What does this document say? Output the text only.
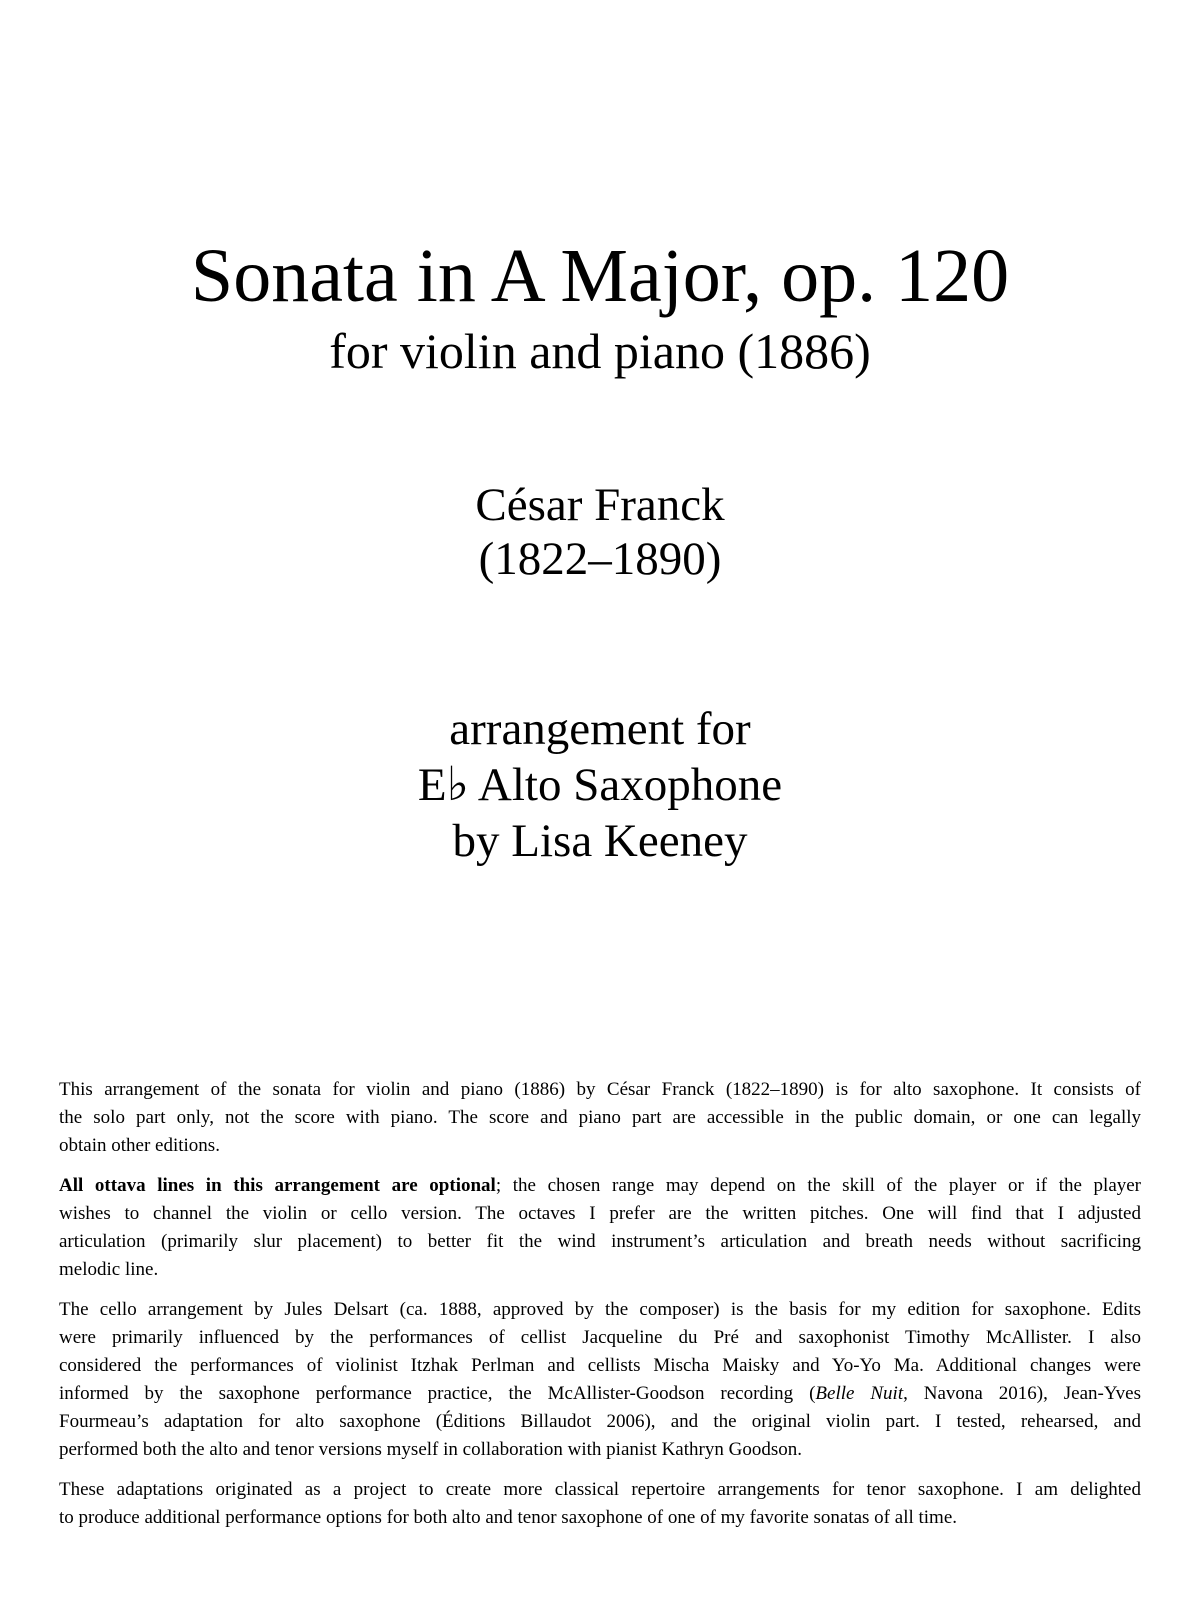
Sonata in A Major, op. 120
for violin and piano (1886)
César Franck
(1822–1890)
arrangement for
E♭ Alto Saxophone
by Lisa Keeney
This arrangement of the sonata for violin and piano (1886) by César Franck (1822–1890) is for alto saxophone. It consists of
the solo part only, not the score with piano. The score and piano part are accessible in the public domain, or one can legally
obtain other editions.
All ottava lines in this arrangement are optional; the chosen range may depend on the skill of the player or if the player
wishes to channel the violin or cello version. The octaves I prefer are the written pitches. One will find that I adjusted
articulation (primarily slur placement) to better fit the wind instrument’s articulation and breath needs without sacrificing
melodic line.
The cello arrangement by Jules Delsart (ca. 1888, approved by the composer) is the basis for my edition for saxophone. Edits
were primarily influenced by the performances of cellist Jacqueline du Pré and saxophonist Timothy McAllister. I also
considered the performances of violinist Itzhak Perlman and cellists Mischa Maisky and Yo-Yo Ma. Additional changes were
informed by the saxophone performance practice, the McAllister-Goodson recording (Belle Nuit, Navona 2016), Jean-Yves
Fourmeau’s adaptation for alto saxophone (Éditions Billaudot 2006), and the original violin part. I tested, rehearsed, and
performed both the alto and tenor versions myself in collaboration with pianist Kathryn Goodson.
These adaptations originated as a project to create more classical repertoire arrangements for tenor saxophone. I am delighted
to produce additional performance options for both alto and tenor saxophone of one of my favorite sonatas of all time.
